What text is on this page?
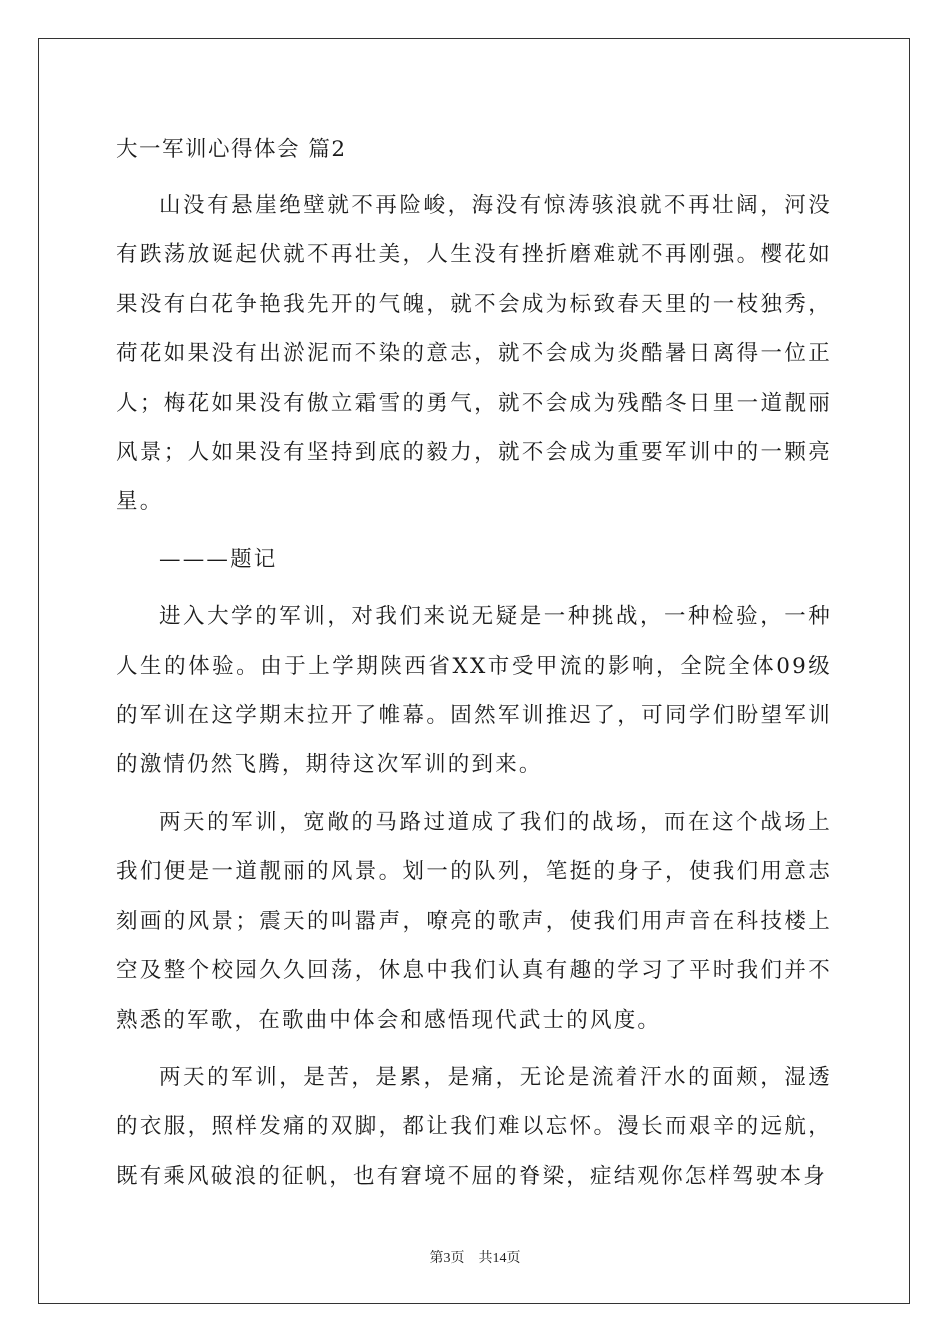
大一军训心得体会 篇2

山没有悬崖绝壁就不再险峻，海没有惊涛骇浪就不再壮阔，河没有跌荡放诞起伏就不再壮美，人生没有挫折磨难就不再刚强。樱花如果没有白花争艳我先开的气魄，就不会成为标致春天里的一枝独秀，荷花如果没有出淤泥而不染的意志，就不会成为炎酷暑日离得一位正人；梅花如果没有傲立霜雪的勇气，就不会成为残酷冬日里一道靓丽风景；人如果没有坚持到底的毅力，就不会成为重要军训中的一颗亮星。

———题记

进入大学的军训，对我们来说无疑是一种挑战，一种检验，一种人生的体验。由于上学期陕西省XX市受甲流的影响，全院全体09级的军训在这学期末拉开了帷幕。固然军训推迟了，可同学们盼望军训的激情仍然飞腾，期待这次军训的到来。

两天的军训，宽敞的马路过道成了我们的战场，而在这个战场上我们便是一道靓丽的风景。划一的队列，笔挺的身子，使我们用意志刻画的风景；震天的叫嚣声，嘹亮的歌声，使我们用声音在科技楼上空及整个校园久久回荡，休息中我们认真有趣的学习了平时我们并不熟悉的军歌，在歌曲中体会和感悟现代武士的风度。

两天的军训，是苦，是累，是痛，无论是流着汗水的面颊，湿透的衣服，照样发痛的双脚，都让我们难以忘怀。漫长而艰辛的远航，既有乘风破浪的征帆，也有窘境不屈的脊梁，症结观你怎样驾驶本身

第3页 共14页
